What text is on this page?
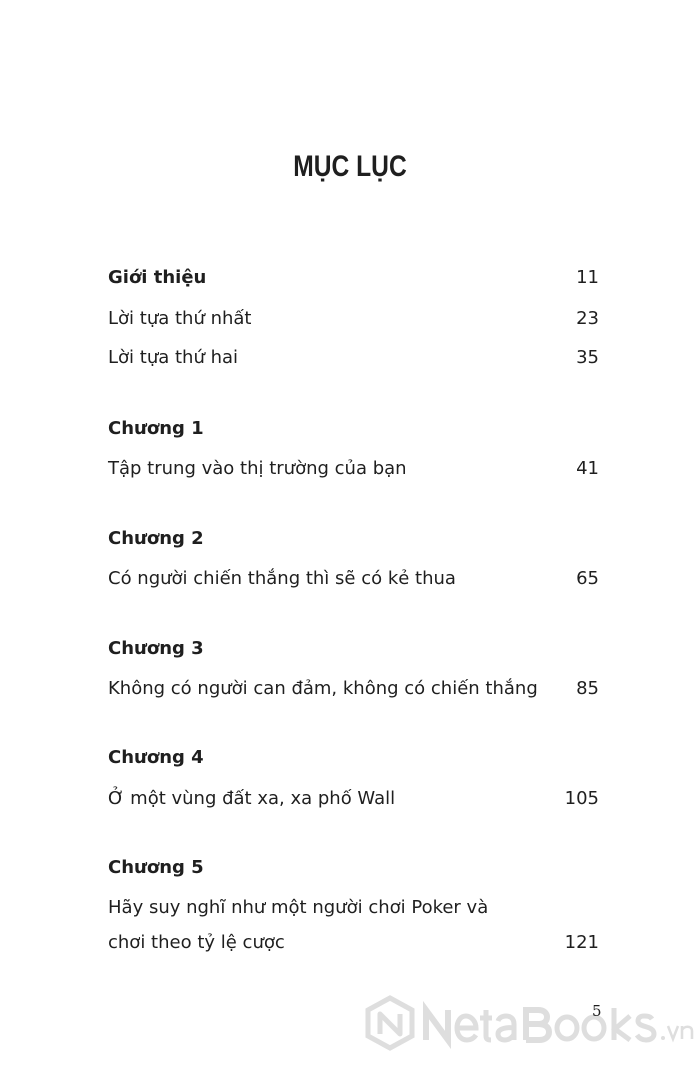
MỤC LỤC
Giới thiệu	11
Lời tựa thứ nhất	23
Lời tựa thứ hai	35
Chương 1
Tập trung vào thị trường của bạn	41
Chương 2
Có người chiến thắng thì sẽ có kẻ thua	65
Chương 3
Không có người can đảm, không có chiến thắng 85
Chương 4
Ở một vùng đất xa, xa phố Wall	105
Chương 5
Hãy suy nghĩ như một người chơi Poker và
chơi theo tỷ lệ cược	121
5
